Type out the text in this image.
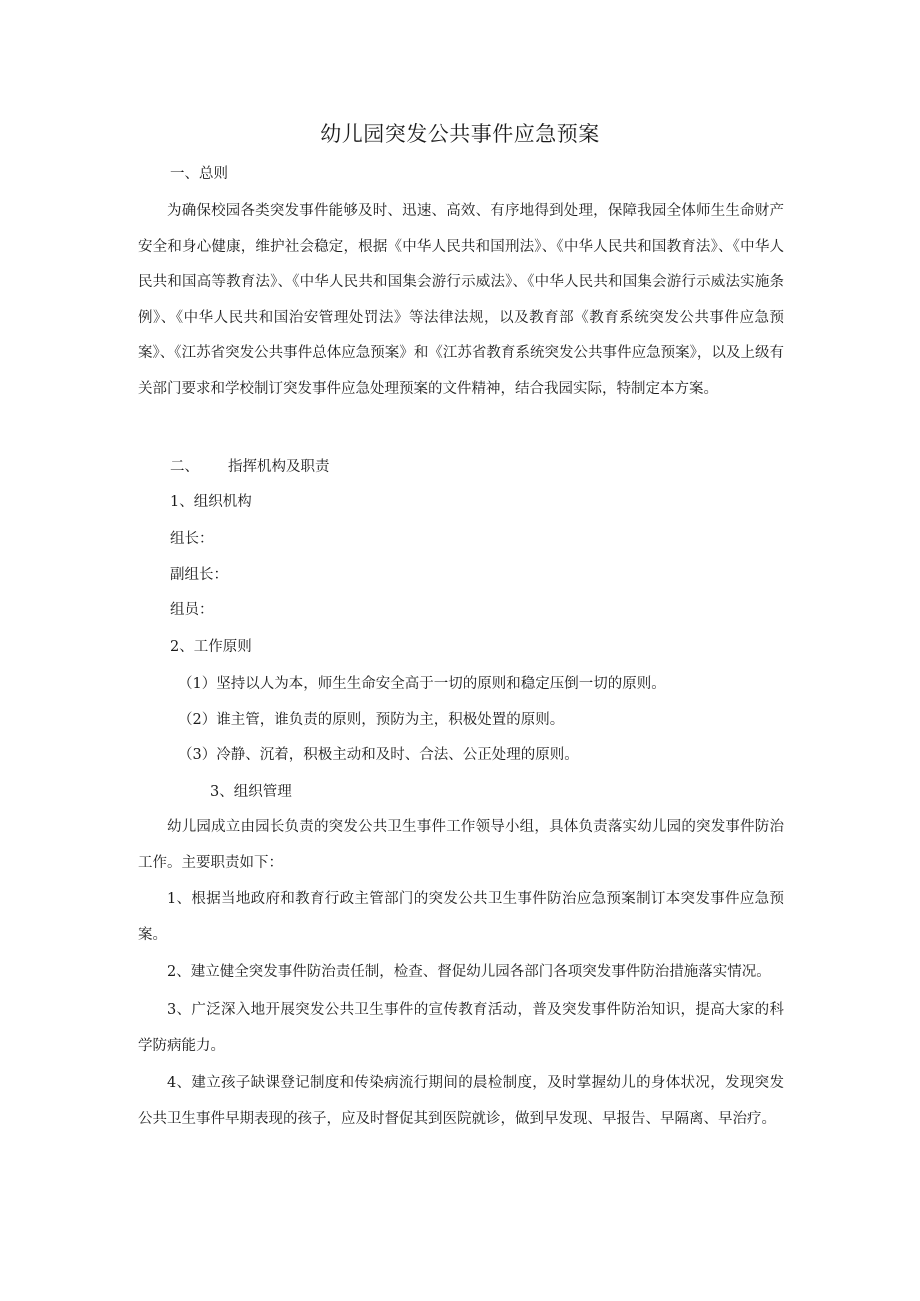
幼儿园突发公共事件应急预案
一、总则
为确保校园各类突发事件能够及时、迅速、高效、有序地得到处理，保障我园全体师生生命财产安全和身心健康，维护社会稳定，根据《中华人民共和国刑法》、《中华人民共和国教育法》、《中华人民共和国高等教育法》、《中华人民共和国集会游行示威法》、《中华人民共和国集会游行示威法实施条例》、《中华人民共和国治安管理处罚法》等法律法规，以及教育部《教育系统突发公共事件应急预案》、《江苏省突发公共事件总体应急预案》和《江苏省教育系统突发公共事件应急预案》，以及上级有关部门要求和学校制订突发事件应急处理预案的文件精神，结合我园实际，特制定本方案。
二、 指挥机构及职责
1、组织机构
组长：
副组长：
组员：
2、工作原则
（1）坚持以人为本，师生生命安全高于一切的原则和稳定压倒一切的原则。
（2）谁主管，谁负责的原则，预防为主，积极处置的原则。
（3）冷静、沉着，积极主动和及时、合法、公正处理的原则。
3、组织管理
幼儿园成立由园长负责的突发公共卫生事件工作领导小组，具体负责落实幼儿园的突发事件防治工作。主要职责如下：
1、根据当地政府和教育行政主管部门的突发公共卫生事件防治应急预案制订本突发事件应急预案。
2、建立健全突发事件防治责任制，检查、督促幼儿园各部门各项突发事件防治措施落实情况。
3、广泛深入地开展突发公共卫生事件的宣传教育活动，普及突发事件防治知识，提高大家的科学防病能力。
4、建立孩子缺课登记制度和传染病流行期间的晨检制度，及时掌握幼儿的身体状况，发现突发公共卫生事件早期表现的孩子，应及时督促其到医院就诊，做到早发现、早报告、早隔离、早治疗。
